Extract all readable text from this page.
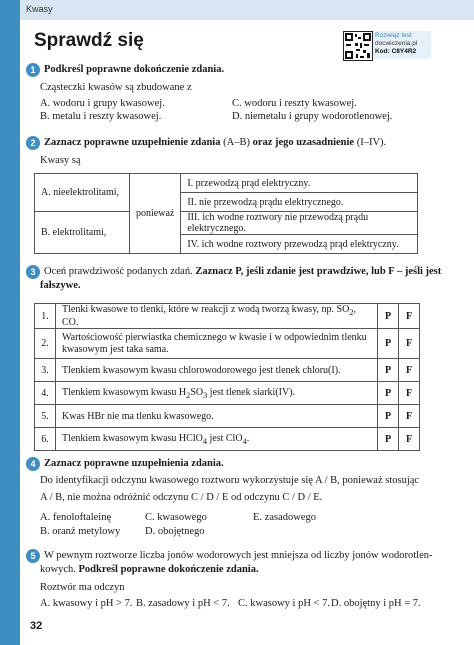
Kwasy
Sprawdź się	Rozwiąż test
docwiczenia.pl
Kod: C8Y4R2
1 Podkreśl poprawne dokończenie zdania.
Cząsteczki kwasów są zbudowane z
A. wodoru i grupy kwasowej.	C. wodoru i reszty kwasowej.
B. metalu i reszty kwasowej.	D. niemetalu i grupy wodorotlenowej.
2 Zaznacz poprawne uzupełnienie zdania (A–B) oraz jego uzasadnienie (I–IV).
Kwasy są
A. nieelektrolitami,	ponieważ	I. przewodzą prąd elektryczny.
		II. nie przewodzą prądu elektrycznego.
B. elektrolitami,		III. ich wodne roztwory nie przewodzą prądu elektrycznego.
		IV. ich wodne roztwory przewodzą prąd elektryczny.
3 Oceń prawdziwość podanych zdań. Zaznacz P, jeśli zdanie jest prawdziwe, lub F – jeśli jest
fałszywe.
1.	Tlenki kwasowe to tlenki, które w reakcji z wodą tworzą kwasy, np. $SO_2$, CO.	P	F
2.	Wartościowość pierwiastka chemicznego w kwasie i w odpowiednim tlenku
kwasowym jest taka sama.	P	F
3.	Tlenkiem kwasowym kwasu chlorowodorowego jest tlenek chloru(I).	P	F
4.	Tlenkiem kwasowym kwasu $H_2SO_3$ jest tlenek siarki(IV).	P	F
5.	Kwas HBr nie ma tlenku kwasowego.	P	F
6.	Tlenkiem kwasowym kwasu HClO$_4$ jest ClO$_4$.	P	F
4 Zaznacz poprawne uzupełnienia zdania.
Do identyfikacji odczynu kwasowego roztworu wykorzystuje się A / B, ponieważ stosując
A / B, nie można odróżnić odczynu C / D / E od odczynu C / D / E.
A. fenoloftaleinę	C. kwasowego	E. zasadowego
B. oranż metylowy D. obojętnego
5 W pewnym roztworze liczba jonów wodorowych jest mniejsza od liczby jonów wodorotlen-
kowych. Podkreśl poprawne dokończenie zdania.
Roztwór ma odczyn
A. kwasowy i pH > 7. B. zasadowy i pH < 7. C. kwasowy i pH < 7. D. obojętny i pH = 7.
32
